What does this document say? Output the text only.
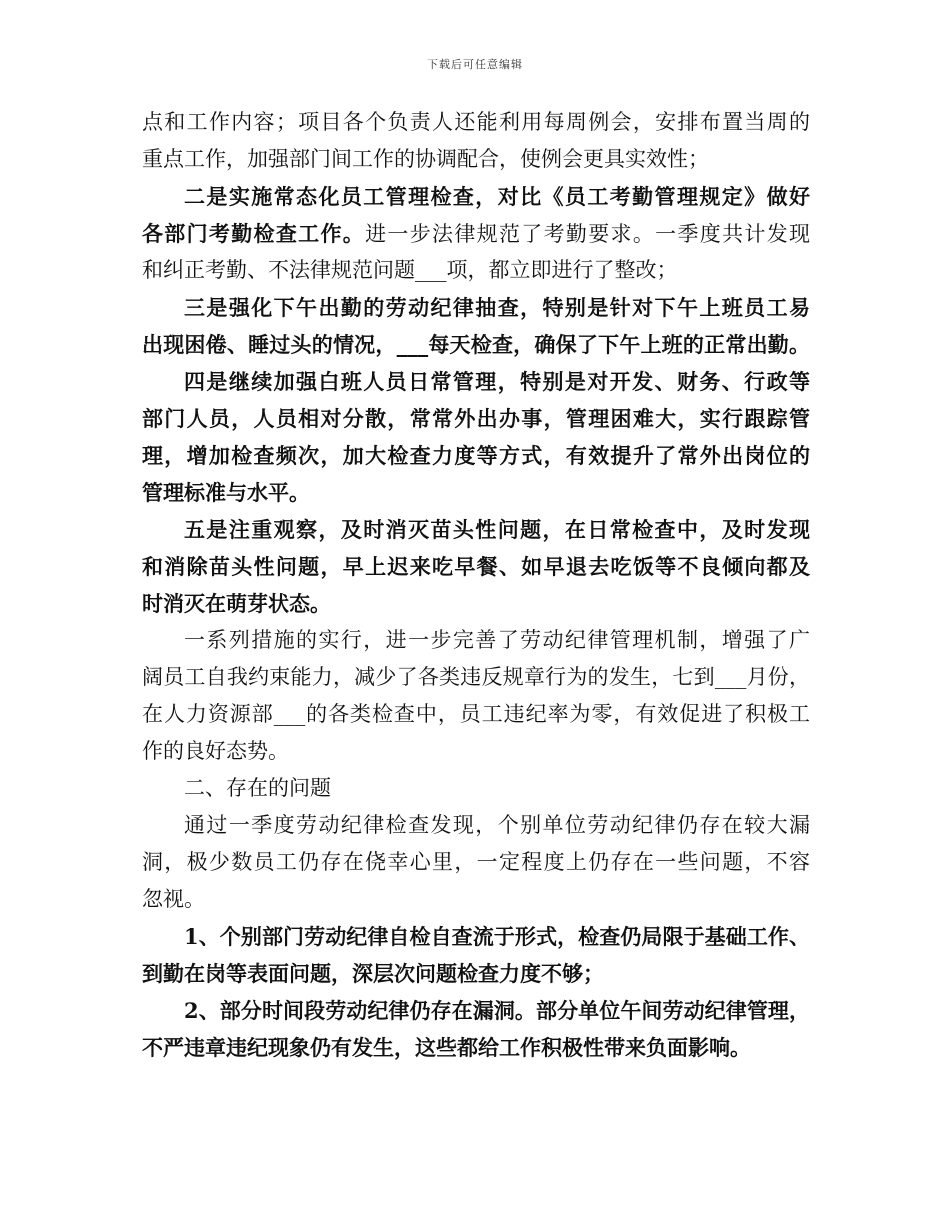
下载后可任意编辑
点和工作内容；项目各个负责人还能利用每周例会，安排布置当周的
重点工作，加强部门间工作的协调配合，使例会更具实效性；
二是实施常态化员工管理检查，对比《员工考勤管理规定》做好
各部门考勤检查工作。进一步法律规范了考勤要求。一季度共计发现
和纠正考勤、不法律规范问题___项，都立即进行了整改；
三是强化下午出勤的劳动纪律抽查，特别是针对下午上班员工易
出现困倦、睡过头的情况，___每天检查，确保了下午上班的正常出勤。
四是继续加强白班人员日常管理，特别是对开发、财务、行政等
部门人员，人员相对分散，常常外出办事，管理困难大，实行跟踪管
理，增加检查频次，加大检查力度等方式，有效提升了常外出岗位的
管理标准与水平。
五是注重观察，及时消灭苗头性问题，在日常检查中，及时发现
和消除苗头性问题，早上迟来吃早餐、如早退去吃饭等不良倾向都及
时消灭在萌芽状态。
一系列措施的实行，进一步完善了劳动纪律管理机制，增强了广
阔员工自我约束能力，减少了各类违反规章行为的发生，七到___月份，
在人力资源部___的各类检查中，员工违纪率为零，有效促进了积极工
作的良好态势。
二、存在的问题
通过一季度劳动纪律检查发现，个别单位劳动纪律仍存在较大漏
洞，极少数员工仍存在侥幸心里，一定程度上仍存在一些问题，不容
忽视。
1、个别部门劳动纪律自检自查流于形式，检查仍局限于基础工作、
到勤在岗等表面问题，深层次问题检查力度不够；
2、部分时间段劳动纪律仍存在漏洞。部分单位午间劳动纪律管理，
不严违章违纪现象仍有发生，这些都给工作积极性带来负面影响。
